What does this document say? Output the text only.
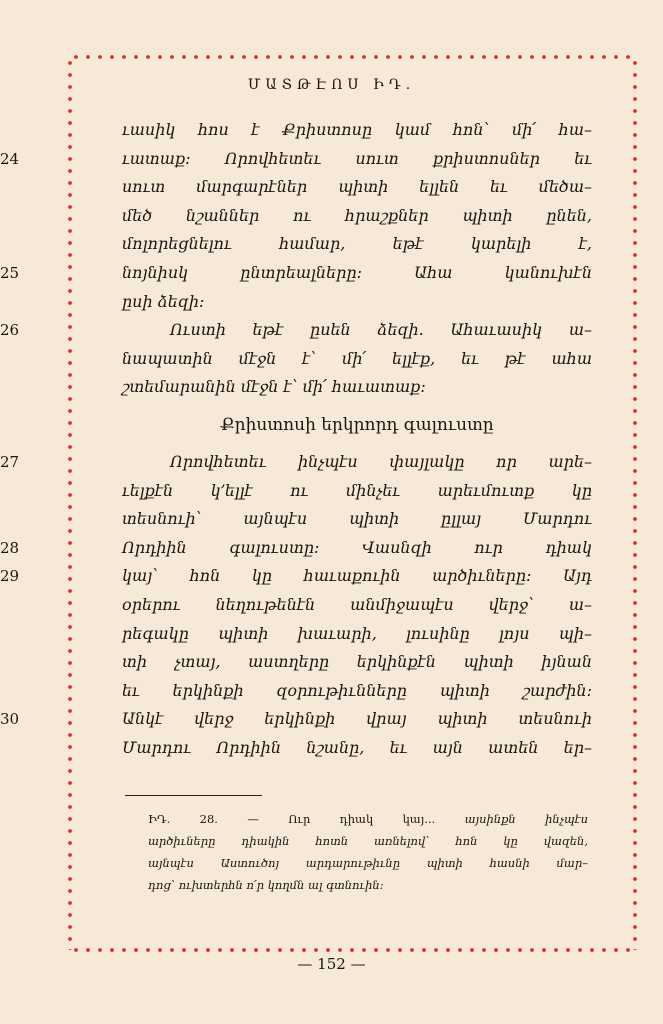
ՄԱՏԹԷՈՍ ԻԴ.
ւասիկ հոս է Քրիստոսը կամ հոն՝ մի՛ հա–
24	ւատաք: Որովհետեւ սուտ քրիստոսներ եւ
սուտ մարգարէներ պիտի ելլեն եւ մեծա–
մեծ նշաններ ու հրաշքներ պիտի ընեն,
մոլորեցնելու համար, եթէ կարելի է,
25	նոյնիսկ ընտրեալները: Ահա կանուխէն
ըսի ձեզի:
26	Ուստի եթէ ըսեն ձեզի. Ահաւասիկ ա–
նապատին մէջն է՝ մի՛ ելլէք, եւ թէ ահա
շտեմարանին մէջն է՝ մի՛ հաւատաք:
Քրիստոսի երկրորդ գալուստը
27	Որովհետեւ ինչպէս փայլակը որ արե–
ւելքէն կ՚ելլէ ու մինչեւ արեւմուտք կը
տեսնուի՝ այնպէս պիտի ըլլայ Մարդու
28	Որդիին գալուստը: Վասնզի ուր դիակ
29	կայ՝ հոն կը հաւաքուին արծիւները: Այդ
օրերու նեղութենէն անմիջապէս վերջ՝ ա–
րեգակը պիտի խաւարի, լուսինը լոյս պի–
տի չտայ, աստղերը երկինքէն պիտի իյնան
եւ երկինքի զօրութիւնները պիտի շարժին:
30	Անկէ վերջ երկինքի վրայ պիտի տեսնուի
Մարդու Որդիին նշանը, եւ այն ատեն եր–
ԻԴ. 28. — Ուր դիակ կայ...	այսինքն ինչպէս
արծիւները դիակին հոտն առնելով՝ հոն կը վազեն,
այնպէս Աստուծոյ արդարութիւնը պիտի հասնի մար–
դոց՝ ուխտերհն ո՛ր կողմն ալ գտնուին:
— 152 —
